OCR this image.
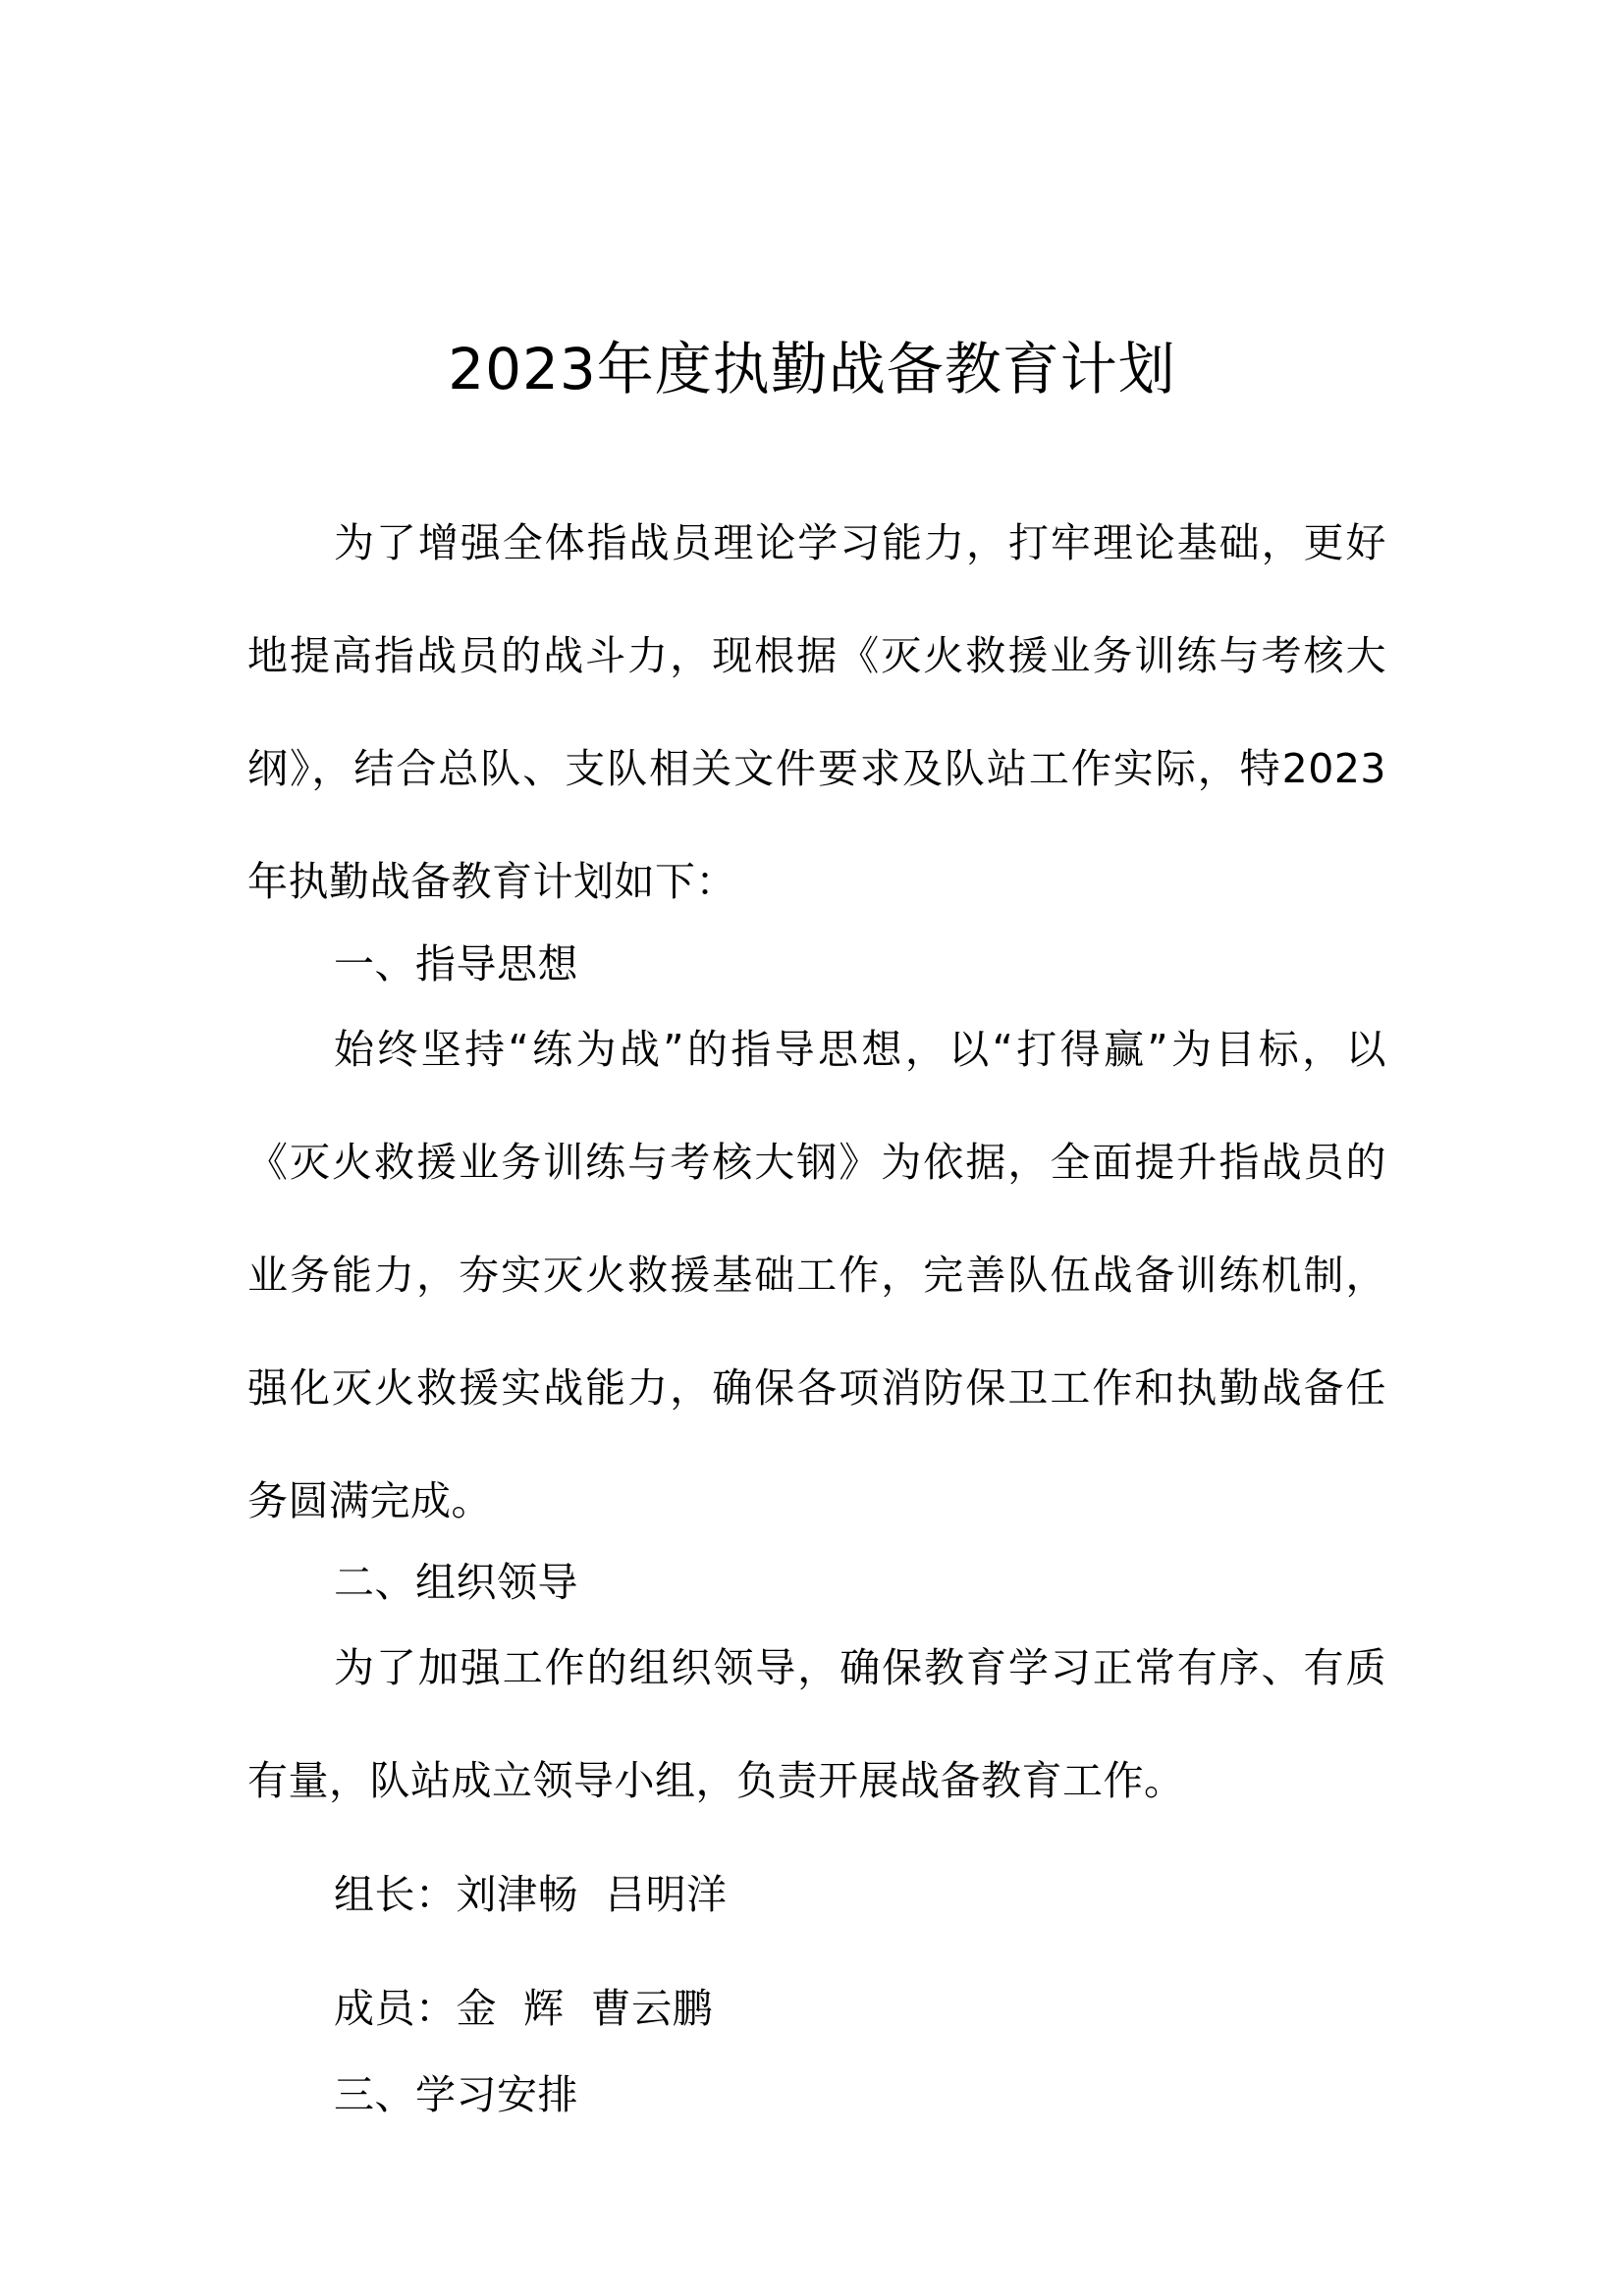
2023年度执勤战备教育计划
为了增强全体指战员理论学习能力，打牢理论基础，更好地提高指战员的战斗力，现根据《灭火救援业务训练与考核大纲》，结合总队、支队相关文件要求及队站工作实际，特2023年执勤战备教育计划如下：
一、指导思想
始终坚持“练为战”的指导思想，以“打得赢”为目标，以《灭火救援业务训练与考核大钢》为依据，全面提升指战员的业务能力，夯实灭火救援基础工作，完善队伍战备训练机制，强化灭火救援实战能力，确保各项消防保卫工作和执勤战备任务圆满完成。
二、组织领导
为了加强工作的组织领导，确保教育学习正常有序、有质有量，队站成立领导小组，负责开展战备教育工作。
组长：刘津畅  吕明洋
成员：金  辉  曹云鹏
三、学习安排
